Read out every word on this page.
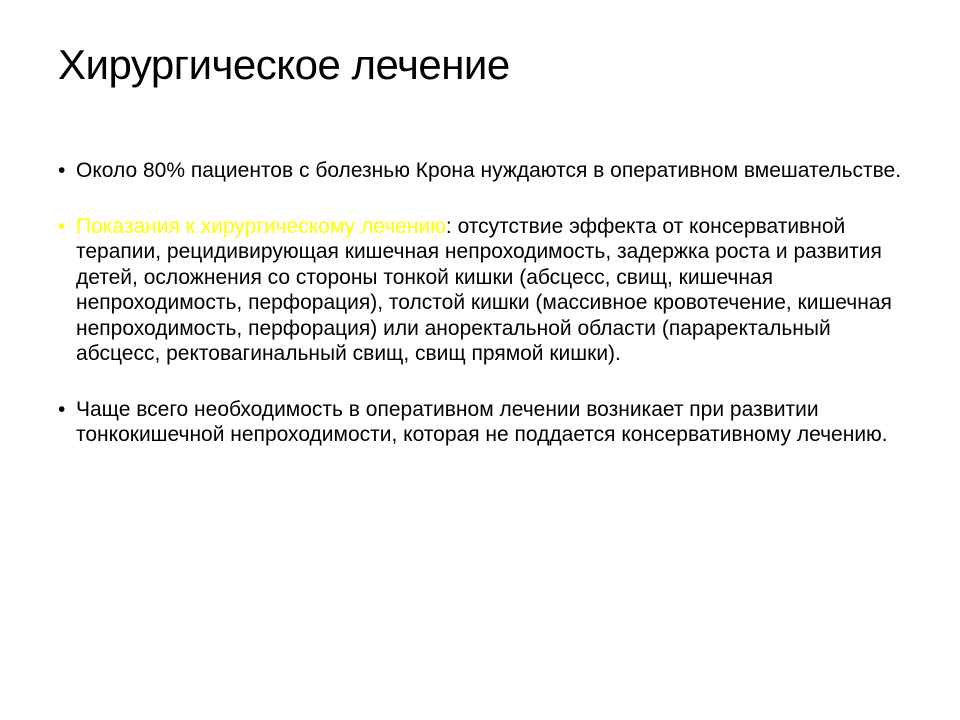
Хирургическое лечение
• Около 80% пациентов с болезнью Крона нуждаются в оперативном вмешательстве.
• Показания к хирургическому лечению: отсутствие эффекта от консервативной терапии, рецидивирующая кишечная непроходимость, задержка роста и развития детей, осложнения со стороны тонкой кишки (абсцесс, свищ, кишечная непроходимость, перфорация), толстой кишки (массивное кровотечение, кишечная непроходимость, перфорация) или аноректальной области (параректальный абсцесс, ректовагинальный свищ, свищ прямой кишки).
• Чаще всего необходимость в оперативном лечении возникает при развитии тонкокишечной непроходимости, которая не поддается консервативному лечению.
